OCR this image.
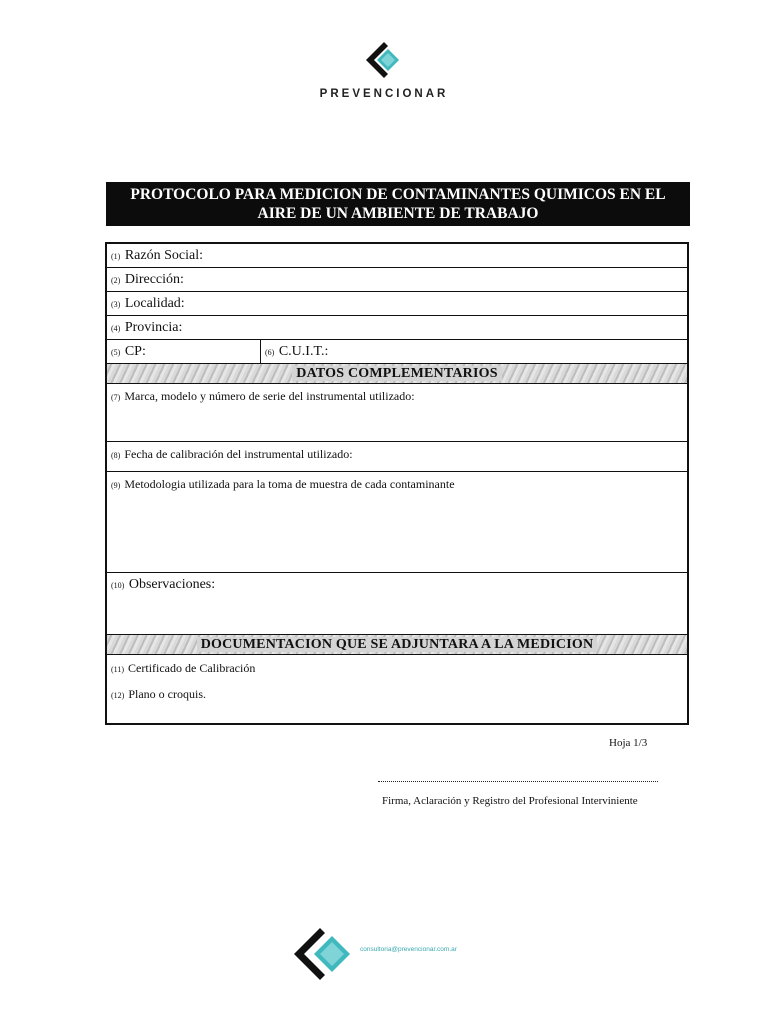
PREVENCIONAR
PROTOCOLO PARA MEDICION DE CONTAMINANTES QUIMICOS EN EL
AIRE DE UN AMBIENTE DE TRABAJO
(1) Razón Social:
(2) Dirección:
(3) Localidad:
(4) Provincia:
(5) CP:	(6) C.U.I.T.:
DATOS COMPLEMENTARIOS
(7) Marca, modelo y número de serie del instrumental utilizado:
(8) Fecha de calibración del instrumental utilizado:
(9) Metodologia utilizada para la toma de muestra de cada contaminante
(10) Observaciones:
DOCUMENTACION QUE SE ADJUNTARA A LA MEDICION
(11) Certificado de Calibración
(12) Plano o croquis.
Hoja 1/3
Firma, Aclaración y Registro del Profesional Interviniente
consultoria@prevencionar.com.ar
